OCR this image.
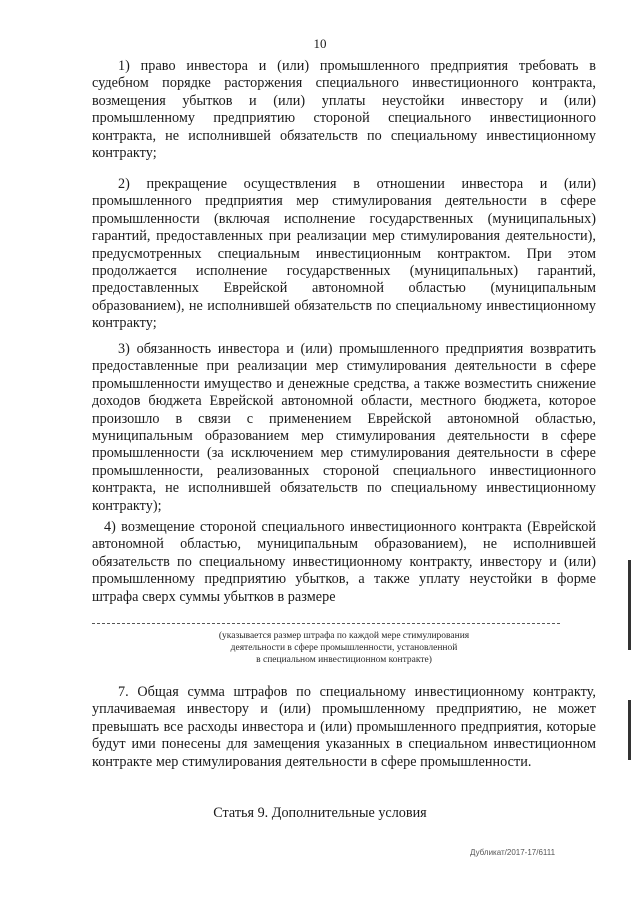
10

1) право инвестора и (или) промышленного предприятия требовать в судебном порядке расторжения специального инвестиционного контракта, возмещения убытков и (или) уплаты неустойки инвестору и (или) промышленному предприятию стороной специального инвестиционного контракта, не исполнившей обязательств по специальному инвестиционному контракту;

2) прекращение осуществления в отношении инвестора и (или) промышленного предприятия мер стимулирования деятельности в сфере промышленности (включая исполнение государственных (муниципальных) гарантий, предоставленных при реализации мер стимулирования деятельности), предусмотренных специальным инвестиционным контрактом. При этом продолжается исполнение государственных (муниципальных) гарантий, предоставленных Еврейской автономной областью (муниципальным образованием), не исполнившей обязательств по специальному инвестиционному контракту;

3) обязанность инвестора и (или) промышленного предприятия возвратить предоставленные при реализации мер стимулирования деятельности в сфере промышленности имущество и денежные средства, а также возместить снижение доходов бюджета Еврейской автономной области, местного бюджета, которое произошло в связи с применением Еврейской автономной областью, муниципальным образованием мер стимулирования деятельности в сфере промышленности (за исключением мер стимулирования деятельности в сфере промышленности, реализованных стороной специального инвестиционного контракта, не исполнившей обязательств по специальному инвестиционному контракту);

4) возмещение стороной специального инвестиционного контракта (Еврейской автономной областью, муниципальным образованием), не исполнившей обязательств по специальному инвестиционному контракту, инвестору и (или) промышленному предприятию убытков, а также уплату неустойки в форме штрафа сверх суммы убытков в размере

(указывается размер штрафа по каждой мере стимулирования
деятельности в сфере промышленности, установленной
в специальном инвестиционном контракте)

7. Общая сумма штрафов по специальному инвестиционному контракту, уплачиваемая инвестору и (или) промышленному предприятию, не может превышать все расходы инвестора и (или) промышленного предприятия, которые будут ими понесены для замещения указанных в специальном инвестиционном контракте мер стимулирования деятельности в сфере промышленности.

Статья 9. Дополнительные условия
Дубликат/2017-17/6111
